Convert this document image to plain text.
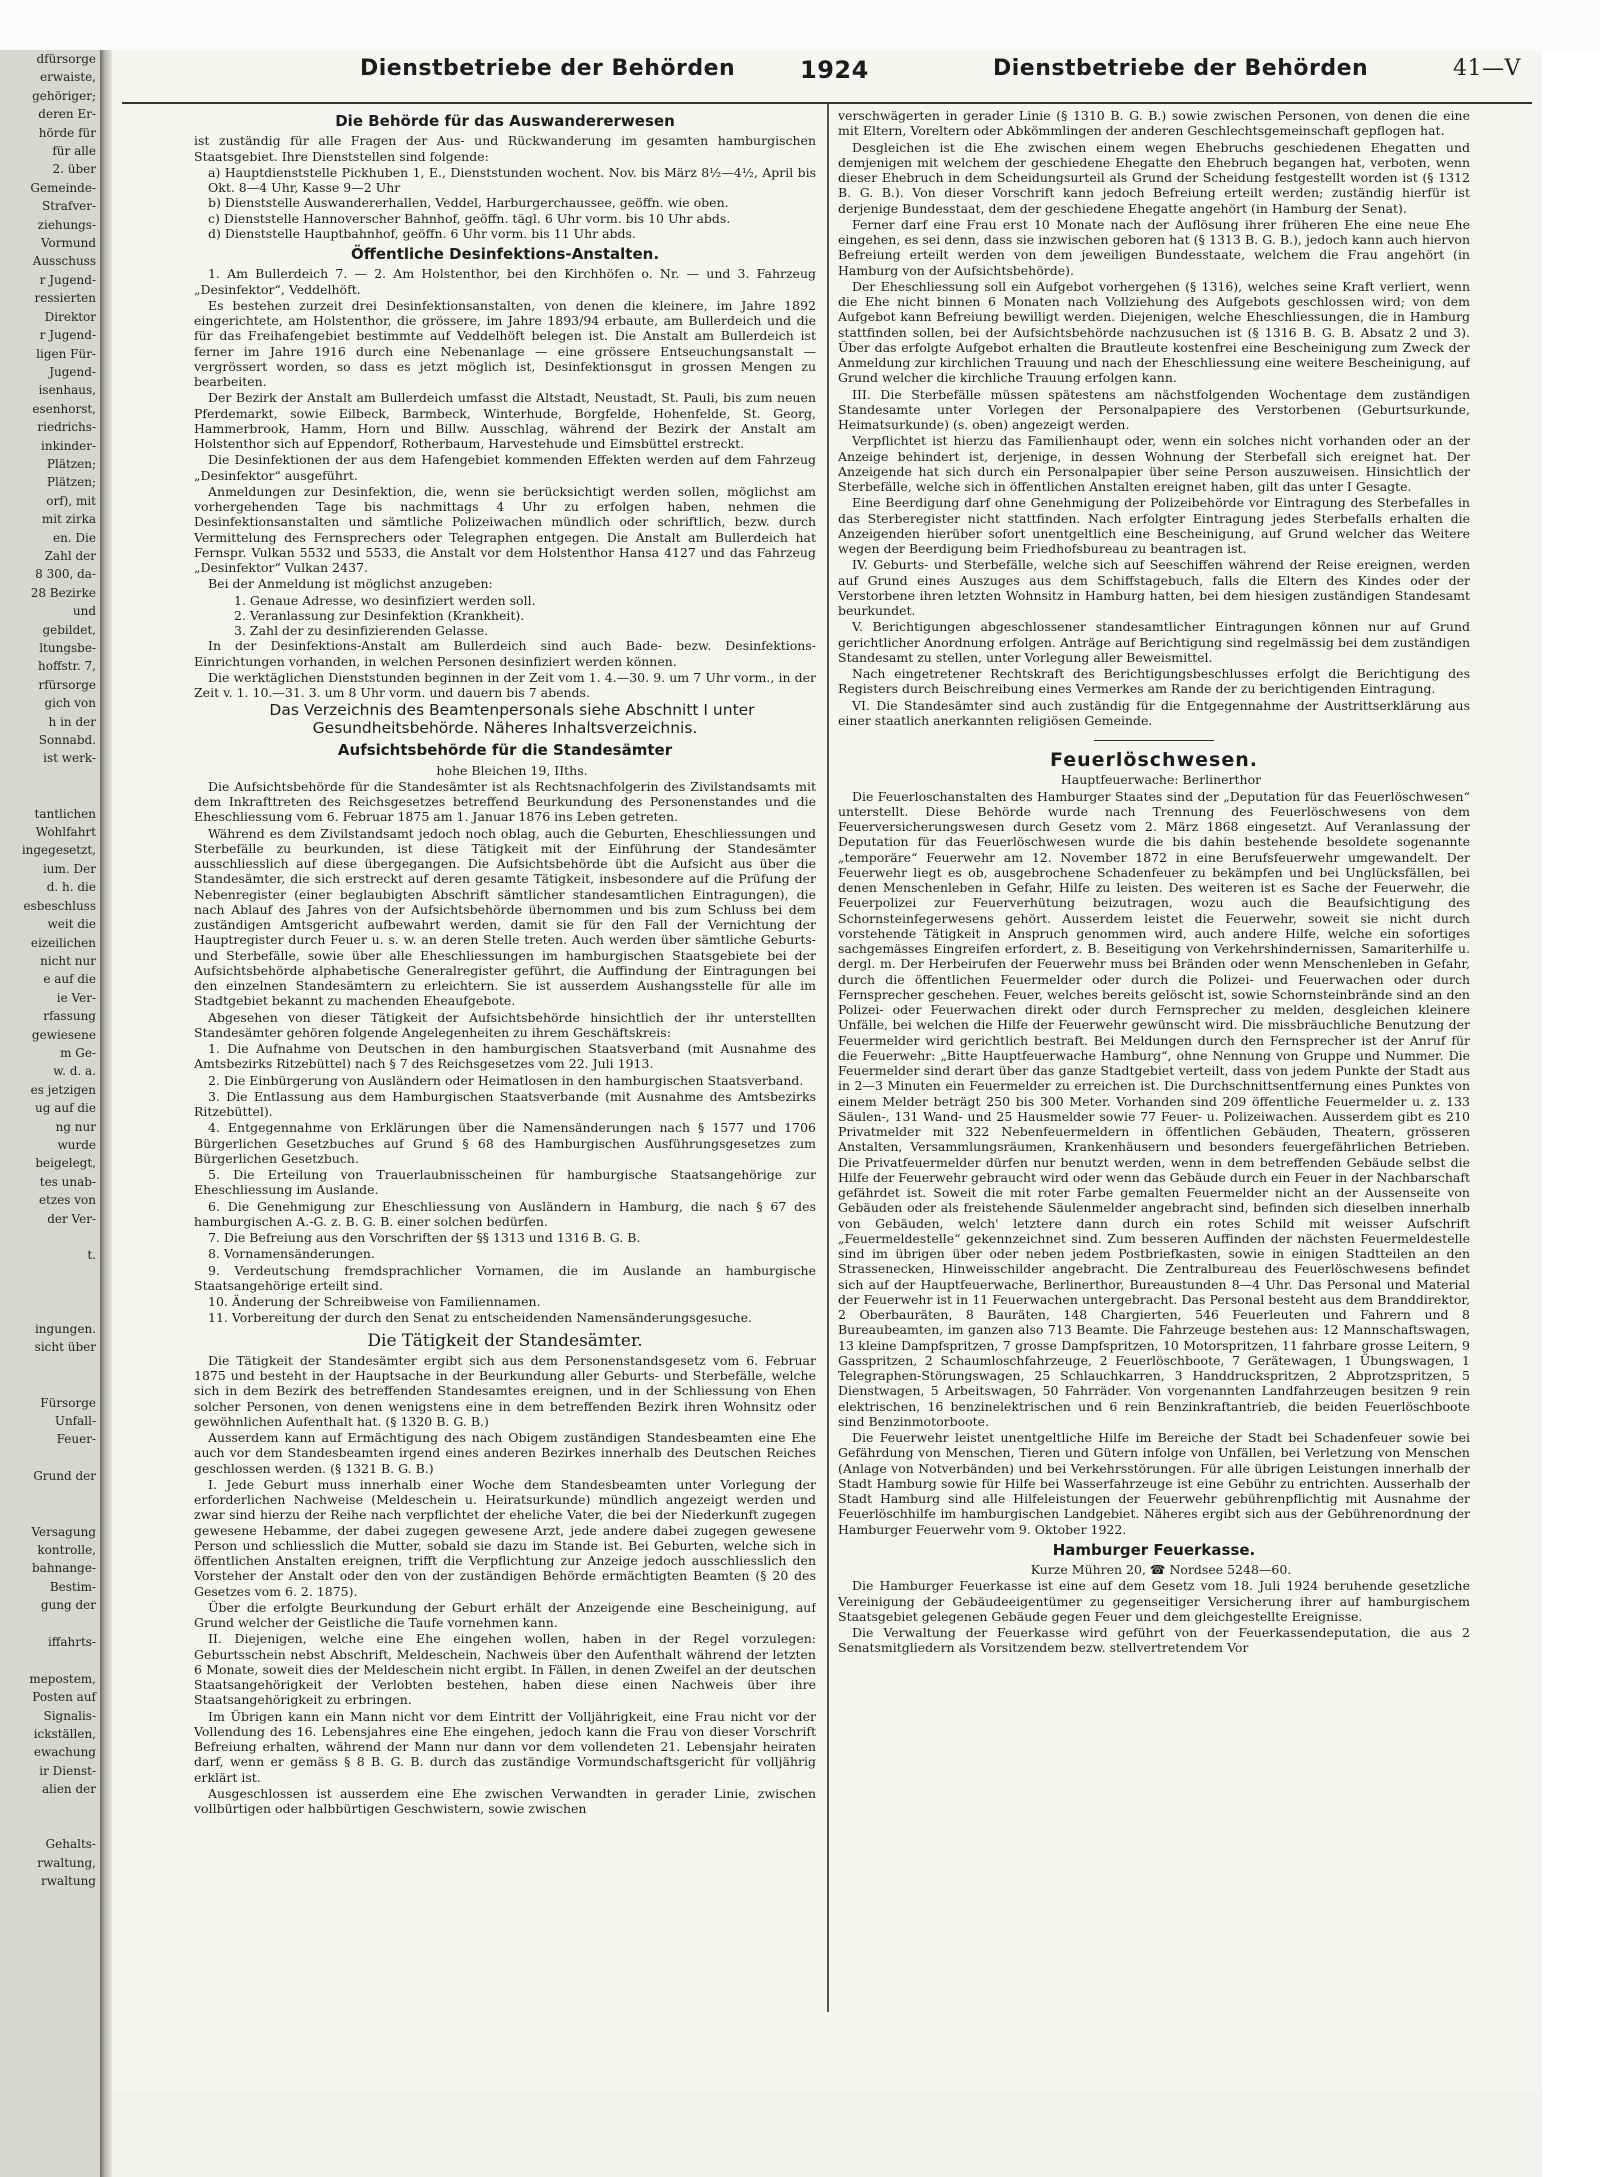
dfürsorge
erwaiste,
gehöriger;
deren Er-
hörde für
für alle
2. über
Gemeinde-
Strafver-
ziehungs-
Vormund
Ausschuss
r Jugend-
ressierten
Direktor
r Jugend-
ligen Für-
Jugend-
isenhaus,
esenhorst,
riedrichs-
inkinder-
Plätzen;
Plätzen;
orf), mit
mit zirka
en. Die
Zahl der
8 300, da-
28 Bezirke
und
gebildet,
ltungsbe-
hoffstr. 7,
rfürsorge
gich von
h in der
Sonnabd.
ist werk-

tantlichen
Wohlfahrt
ingegesetzt,
ium. Der
d. h. die
esbeschluss
weit die
eizeilichen
nicht nur
e auf die
ie Ver-
rfassung
gewiesene
m Ge-
w. d. a.
es jetzigen
ug auf die
ng nur
wurde
beigelegt,
tes unab-
etzes von
der Ver-

t.

ingungen.
sicht über

Fürsorge
Unfall-
Feuer-

Grund der

Versagung
kontrolle,
bahnange-
Bestim-
gung der

iffahrts-

mepostem,
Posten auf
Signalis-
ickställen,
ewachung
ir Dienst-
alien der

Gehalts-
rwaltung,
rwaltung
Dienstbetriebe der Behörden	1924	Dienstbetriebe der Behörden	41—V
Die Behörde für das Auswandererwesen

ist zuständig für alle Fragen der Aus- und Rückwanderung im gesamten hamburgischen Staatsgebiet. Ihre Dienststellen sind folgende:

a) Hauptdienststelle Pickhuben 1, E., Dienststunden wochent. Nov. bis März 8½—4½, April bis Okt. 8—4 Uhr, Kasse 9—2 Uhr

b) Dienststelle Auswandererhallen, Veddel, Harburgerchaussee, geöffn. wie oben.

c) Dienststelle Hannoverscher Bahnhof, geöffn. tägl. 6 Uhr vorm. bis 10 Uhr abds.

d) Dienststelle Hauptbahnhof, geöffn. 6 Uhr vorm. bis 11 Uhr abds.

Öffentliche Desinfektions-Anstalten.

1. Am Bullerdeich 7. — 2. Am Holstenthor, bei den Kirchhöfen o. Nr. — und 3. Fahrzeug „Desinfektor“, Veddelhöft.

Es bestehen zurzeit drei Desinfektionsanstalten, von denen die kleinere, im Jahre 1892 eingerichtete, am Holstenthor, die grössere, im Jahre 1893/94 erbaute, am Bullerdeich und die für das Freihafengebiet bestimmte auf Veddelhöft belegen ist. Die Anstalt am Bullerdeich ist ferner im Jahre 1916 durch eine Nebenanlage — eine grössere Entseuchungsanstalt — vergrössert worden, so dass es jetzt möglich ist, Desinfektionsgut in grossen Mengen zu bearbeiten.

Der Bezirk der Anstalt am Bullerdeich umfasst die Altstadt, Neustadt, St. Pauli, bis zum neuen Pferdemarkt, sowie Eilbeck, Barmbeck, Winterhude, Borgfelde, Hohenfelde, St. Georg, Hammerbrook, Hamm, Horn und Billw. Ausschlag, während der Bezirk der Anstalt am Holstenthor sich auf Eppendorf, Rotherbaum, Harvestehude und Eimsbüttel erstreckt.

Die Desinfektionen der aus dem Hafengebiet kommenden Effekten werden auf dem Fahrzeug „Desinfektor“ ausgeführt.

Anmeldungen zur Desinfektion, die, wenn sie berücksichtigt werden sollen, möglichst am vorhergehenden Tage bis nachmittags 4 Uhr zu erfolgen haben, nehmen die Desinfektionsanstalten und sämtliche Polizeiwachen mündlich oder schriftlich, bezw. durch Vermittelung des Fernsprechers oder Telegraphen entgegen. Die Anstalt am Bullerdeich hat Fernspr. Vulkan 5532 und 5533, die Anstalt vor dem Holstenthor Hansa 4127 und das Fahrzeug „Desinfektor“ Vulkan 2437.

Bei der Anmeldung ist möglichst anzugeben:

1. Genaue Adresse, wo desinfiziert werden soll.

2. Veranlassung zur Desinfektion (Krankheit).

3. Zahl der zu desinfizierenden Gelasse.

In der Desinfektions-Anstalt am Bullerdeich sind auch Bade- bezw. Desinfektions-Einrichtungen vorhanden, in welchen Personen desinfiziert werden können.

Die werktäglichen Dienststunden beginnen in der Zeit vom 1. 4.—30. 9. um 7 Uhr vorm., in der Zeit v. 1. 10.—31. 3. um 8 Uhr vorm. und dauern bis 7 abends.

Das Verzeichnis des Beamtenpersonals siehe Abschnitt I unter Gesundheitsbehörde. Näheres Inhaltsverzeichnis.

Aufsichtsbehörde für die Standesämter

hohe Bleichen 19, IIths.

Die Aufsichtsbehörde für die Standesämter ist als Rechtsnachfolgerin des Zivilstandsamts mit dem Inkrafttreten des Reichsgesetzes betreffend Beurkundung des Personenstandes und die Eheschliessung vom 6. Februar 1875 am 1. Januar 1876 ins Leben getreten.

Während es dem Zivilstandsamt jedoch noch oblag, auch die Geburten, Eheschliessungen und Sterbefälle zu beurkunden, ist diese Tätigkeit mit der Einführung der Standesämter ausschliesslich auf diese übergegangen. Die Aufsichtsbehörde übt die Aufsicht aus über die Standesämter, die sich erstreckt auf deren gesamte Tätigkeit, insbesondere auf die Prüfung der Nebenregister (einer beglaubigten Abschrift sämtlicher standesamtlichen Eintragungen), die nach Ablauf des Jahres von der Aufsichtsbehörde übernommen und bis zum Schluss bei dem zuständigen Amtsgericht aufbewahrt werden, damit sie für den Fall der Vernichtung der Hauptregister durch Feuer u. s. w. an deren Stelle treten. Auch werden über sämtliche Geburts- und Sterbefälle, sowie über alle Eheschliessungen im hamburgischen Staatsgebiete bei der Aufsichtsbehörde alphabetische Generalregister geführt, die Auffindung der Eintragungen bei den einzelnen Standesämtern zu erleichtern. Sie ist ausserdem Aushangsstelle für alle im Stadtgebiet bekannt zu machenden Eheaufgebote.

Abgesehen von dieser Tätigkeit der Aufsichtsbehörde hinsichtlich der ihr unterstellten Standesämter gehören folgende Angelegenheiten zu ihrem Geschäftskreis:

1. Die Aufnahme von Deutschen in den hamburgischen Staatsverband (mit Ausnahme des Amtsbezirks Ritzebüttel) nach § 7 des Reichsgesetzes vom 22. Juli 1913.

2. Die Einbürgerung von Ausländern oder Heimatlosen in den hamburgischen Staatsverband.

3. Die Entlassung aus dem Hamburgischen Staatsverbande (mit Ausnahme des Amtsbezirks Ritzebüttel).

4. Entgegennahme von Erklärungen über die Namensänderungen nach § 1577 und 1706 Bürgerlichen Gesetzbuches auf Grund § 68 des Hamburgischen Ausführungsgesetzes zum Bürgerlichen Gesetzbuch.

5. Die Erteilung von Trauerlaubnisscheinen für hamburgische Staatsangehörige zur Eheschliessung im Auslande.

6. Die Genehmigung zur Eheschliessung von Ausländern in Hamburg, die nach § 67 des hamburgischen A.-G. z. B. G. B. einer solchen bedürfen.

7. Die Befreiung aus den Vorschriften der §§ 1313 und 1316 B. G. B.

8. Vornamensänderungen.

9. Verdeutschung fremdsprachlicher Vornamen, die im Auslande an hamburgische Staatsangehörige erteilt sind.

10. Änderung der Schreibweise von Familiennamen.

11. Vorbereitung der durch den Senat zu entscheidenden Namensänderungsgesuche.

Die Tätigkeit der Standesämter.

Die Tätigkeit der Standesämter ergibt sich aus dem Personenstandsgesetz vom 6. Februar 1875 und besteht in der Hauptsache in der Beurkundung aller Geburts- und Sterbefälle, welche sich in dem Bezirk des betreffenden Standesamtes ereignen, und in der Schliessung von Ehen solcher Personen, von denen wenigstens eine in dem betreffenden Bezirk ihren Wohnsitz oder gewöhnlichen Aufenthalt hat. (§ 1320 B. G. B.)

Ausserdem kann auf Ermächtigung des nach Obigem zuständigen Standesbeamten eine Ehe auch vor dem Standesbeamten irgend eines anderen Bezirkes innerhalb des Deutschen Reiches geschlossen werden. (§ 1321 B. G. B.)

I. Jede Geburt muss innerhalb einer Woche dem Standesbeamten unter Vorlegung der erforderlichen Nachweise (Meldeschein u. Heiratsurkunde) mündlich angezeigt werden und zwar sind hierzu der Reihe nach verpflichtet der eheliche Vater, die bei der Niederkunft zugegen gewesene Hebamme, der dabei zugegen gewesene Arzt, jede andere dabei zugegen gewesene Person und schliesslich die Mutter, sobald sie dazu im Stande ist. Bei Geburten, welche sich in öffentlichen Anstalten ereignen, trifft die Verpflichtung zur Anzeige jedoch ausschliesslich den Vorsteher der Anstalt oder den von der zuständigen Behörde ermächtigten Beamten (§ 20 des Gesetzes vom 6. 2. 1875).

Über die erfolgte Beurkundung der Geburt erhält der Anzeigende eine Bescheinigung, auf Grund welcher der Geistliche die Taufe vornehmen kann.

II. Diejenigen, welche eine Ehe eingehen wollen, haben in der Regel vorzulegen: Geburtsschein nebst Abschrift, Meldeschein, Nachweis über den Aufenthalt während der letzten 6 Monate, soweit dies der Meldeschein nicht ergibt. In Fällen, in denen Zweifel an der deutschen Staatsangehörigkeit der Verlobten bestehen, haben diese einen Nachweis über ihre Staatsangehörigkeit zu erbringen.

Im Übrigen kann ein Mann nicht vor dem Eintritt der Volljährigkeit, eine Frau nicht vor der Vollendung des 16. Lebensjahres eine Ehe eingehen, jedoch kann die Frau von dieser Vorschrift Befreiung erhalten, während der Mann nur dann vor dem vollendeten 21. Lebensjahr heiraten darf, wenn er gemäss § 8 B. G. B. durch das zuständige Vormundschaftsgericht für volljährig erklärt ist.

Ausgeschlossen ist ausserdem eine Ehe zwischen Verwandten in gerader Linie, zwischen vollbürtigen oder halbbürtigen Geschwistern, sowie zwischen

verschwägerten in gerader Linie (§ 1310 B. G. B.) sowie zwischen Personen, von denen die eine mit Eltern, Voreltern oder Abkömmlingen der anderen Geschlechtsgemeinschaft gepflogen hat.

Desgleichen ist die Ehe zwischen einem wegen Ehebruchs geschiedenen Ehegatten und demjenigen mit welchem der geschiedene Ehegatte den Ehebruch begangen hat, verboten, wenn dieser Ehebruch in dem Scheidungsurteil als Grund der Scheidung festgestellt worden ist (§ 1312 B. G. B.). Von dieser Vorschrift kann jedoch Befreiung erteilt werden; zuständig hierfür ist derjenige Bundesstaat, dem der geschiedene Ehegatte angehört (in Hamburg der Senat).

Ferner darf eine Frau erst 10 Monate nach der Auflösung ihrer früheren Ehe eine neue Ehe eingehen, es sei denn, dass sie inzwischen geboren hat (§ 1313 B. G. B.), jedoch kann auch hiervon Befreiung erteilt werden von dem jeweiligen Bundesstaate, welchem die Frau angehört (in Hamburg von der Aufsichtsbehörde).

Der Eheschliessung soll ein Aufgebot vorhergehen (§ 1316), welches seine Kraft verliert, wenn die Ehe nicht binnen 6 Monaten nach Vollziehung des Aufgebots geschlossen wird; von dem Aufgebot kann Befreiung bewilligt werden. Diejenigen, welche Eheschliessungen, die in Hamburg stattfinden sollen, bei der Aufsichtsbehörde nachzusuchen ist (§ 1316 B. G. B. Absatz 2 und 3). Über das erfolgte Aufgebot erhalten die Brautleute kostenfrei eine Bescheinigung zum Zweck der Anmeldung zur kirchlichen Trauung und nach der Eheschliessung eine weitere Bescheinigung, auf Grund welcher die kirchliche Trauung erfolgen kann.

III. Die Sterbefälle müssen spätestens am nächstfolgenden Wochentage dem zuständigen Standesamte unter Vorlegen der Personalpapiere des Verstorbenen (Geburtsurkunde, Heimatsurkunde) (s. oben) angezeigt werden.

Verpflichtet ist hierzu das Familienhaupt oder, wenn ein solches nicht vorhanden oder an der Anzeige behindert ist, derjenige, in dessen Wohnung der Sterbefall sich ereignet hat. Der Anzeigende hat sich durch ein Personalpapier über seine Person auszuweisen. Hinsichtlich der Sterbefälle, welche sich in öffentlichen Anstalten ereignet haben, gilt das unter I Gesagte.

Eine Beerdigung darf ohne Genehmigung der Polizeibehörde vor Eintragung des Sterbefalles in das Sterberegister nicht stattfinden. Nach erfolgter Eintragung jedes Sterbefalls erhalten die Anzeigenden hierüber sofort unentgeltlich eine Bescheinigung, auf Grund welcher das Weitere wegen der Beerdigung beim Friedhofsbureau zu beantragen ist.

IV. Geburts- und Sterbefälle, welche sich auf Seeschiffen während der Reise ereignen, werden auf Grund eines Auszuges aus dem Schiffstagebuch, falls die Eltern des Kindes oder der Verstorbene ihren letzten Wohnsitz in Hamburg hatten, bei dem hiesigen zuständigen Standesamt beurkundet.

V. Berichtigungen abgeschlossener standesamtlicher Eintragungen können nur auf Grund gerichtlicher Anordnung erfolgen. Anträge auf Berichtigung sind regelmässig bei dem zuständigen Standesamt zu stellen, unter Vorlegung aller Beweismittel.

Nach eingetretener Rechtskraft des Berichtigungsbeschlusses erfolgt die Berichtigung des Registers durch Beischreibung eines Vermerkes am Rande der zu berichtigenden Eintragung.

VI. Die Standesämter sind auch zuständig für die Entgegennahme der Austrittserklärung aus einer staatlich anerkannten religiösen Gemeinde.

Feuerlöschwesen.

Hauptfeuerwache: Berlinerthor

Die Feuerloschanstalten des Hamburger Staates sind der „Deputation für das Feuerlöschwesen“ unterstellt. Diese Behörde wurde nach Trennung des Feuerlöschwesens von dem Feuerversicherungswesen durch Gesetz vom 2. März 1868 eingesetzt. Auf Veranlassung der Deputation für das Feuerlöschwesen wurde die bis dahin bestehende besoldete sogenannte „temporäre“ Feuerwehr am 12. November 1872 in eine Berufsfeuerwehr umgewandelt. Der Feuerwehr liegt es ob, ausgebrochene Schadenfeuer zu bekämpfen und bei Unglücksfällen, bei denen Menschenleben in Gefahr, Hilfe zu leisten. Des weiteren ist es Sache der Feuerwehr, die Feuerpolizei zur Feuerverhütung beizutragen, wozu auch die Beaufsichtigung des Schornsteinfegerwesens gehört. Ausserdem leistet die Feuerwehr, soweit sie nicht durch vorstehende Tätigkeit in Anspruch genommen wird, auch andere Hilfe, welche ein sofortiges sachgemässes Eingreifen erfordert, z. B. Beseitigung von Verkehrshindernissen, Samariterhilfe u. dergl. m. Der Herbeirufen der Feuerwehr muss bei Bränden oder wenn Menschenleben in Gefahr, durch die öffentlichen Feuermelder oder durch die Polizei- und Feuerwachen oder durch Fernsprecher geschehen. Feuer, welches bereits gelöscht ist, sowie Schornsteinbrände sind an den Polizei- oder Feuerwachen direkt oder durch Fernsprecher zu melden, desgleichen kleinere Unfälle, bei welchen die Hilfe der Feuerwehr gewünscht wird. Die missbräuchliche Benutzung der Feuermelder wird gerichtlich bestraft. Bei Meldungen durch den Fernsprecher ist der Anruf für die Feuerwehr: „Bitte Hauptfeuerwache Hamburg“, ohne Nennung von Gruppe und Nummer. Die Feuermelder sind derart über das ganze Stadtgebiet verteilt, dass von jedem Punkte der Stadt aus in 2—3 Minuten ein Feuermelder zu erreichen ist. Die Durchschnittsentfernung eines Punktes von einem Melder beträgt 250 bis 300 Meter. Vorhanden sind 209 öffentliche Feuermelder u. z. 133 Säulen-, 131 Wand- und 25 Hausmelder sowie 77 Feuer- u. Polizeiwachen. Ausserdem gibt es 210 Privatmelder mit 322 Nebenfeuermeldern in öffentlichen Gebäuden, Theatern, grösseren Anstalten, Versammlungsräumen, Krankenhäusern und besonders feuergefährlichen Betrieben. Die Privatfeuermelder dürfen nur benutzt werden, wenn in dem betreffenden Gebäude selbst die Hilfe der Feuerwehr gebraucht wird oder wenn das Gebäude durch ein Feuer in der Nachbarschaft gefährdet ist. Soweit die mit roter Farbe gemalten Feuermelder nicht an der Aussenseite von Gebäuden oder als freistehende Säulenmelder angebracht sind, befinden sich dieselben innerhalb von Gebäuden, welch' letztere dann durch ein rotes Schild mit weisser Aufschrift „Feuermeldestelle“ gekennzeichnet sind. Zum besseren Auffinden der nächsten Feuermeldestelle sind im übrigen über oder neben jedem Postbriefkasten, sowie in einigen Stadtteilen an den Strassenecken, Hinweisschilder angebracht. Die Zentralbureau des Feuerlöschwesens befindet sich auf der Hauptfeuerwache, Berlinerthor, Bureaustunden 8—4 Uhr. Das Personal und Material der Feuerwehr ist in 11 Feuerwachen untergebracht. Das Personal besteht aus dem Branddirektor, 2 Oberbauräten, 8 Bauräten, 148 Chargierten, 546 Feuerleuten und Fahrern und 8 Bureaubeamten, im ganzen also 713 Beamte. Die Fahrzeuge bestehen aus: 12 Mannschaftswagen, 13 kleine Dampfspritzen, 7 grosse Dampfspritzen, 10 Motorspritzen, 11 fahrbare grosse Leitern, 9 Gasspritzen, 2 Schaumloschfahrzeuge, 2 Feuerlöschboote, 7 Gerätewagen, 1 Übungswagen, 1 Telegraphen-Störungswagen, 25 Schlauchkarren, 3 Handdruckspritzen, 2 Abprotzspritzen, 5 Dienstwagen, 5 Arbeitswagen, 50 Fahrräder. Von vorgenannten Landfahrzeugen besitzen 9 rein elektrischen, 16 benzinelektrischen und 6 rein Benzinkraftantrieb, die beiden Feuerlöschboote sind Benzinmotorboote.

Die Feuerwehr leistet unentgeltliche Hilfe im Bereiche der Stadt bei Schadenfeuer sowie bei Gefährdung von Menschen, Tieren und Gütern infolge von Unfällen, bei Verletzung von Menschen (Anlage von Notverbänden) und bei Verkehrsstörungen. Für alle übrigen Leistungen innerhalb der Stadt Hamburg sowie für Hilfe bei Wasserfahrzeuge ist eine Gebühr zu entrichten. Ausserhalb der Stadt Hamburg sind alle Hilfeleistungen der Feuerwehr gebührenpflichtig mit Ausnahme der Feuerlöschhilfe im hamburgischen Landgebiet. Näheres ergibt sich aus der Gebührenordnung der Hamburger Feuerwehr vom 9. Oktober 1922.

Hamburger Feuerkasse.

Kurze Mühren 20, ☎ Nordsee 5248—60.

Die Hamburger Feuerkasse ist eine auf dem Gesetz vom 18. Juli 1924 beruhende gesetzliche Vereinigung der Gebäudeeigentümer zu gegenseitiger Versicherung ihrer auf hamburgischem Staatsgebiet gelegenen Gebäude gegen Feuer und dem gleichgestellte Ereignisse.

Die Verwaltung der Feuerkasse wird geführt von der Feuerkassendeputation, die aus 2 Senatsmitgliedern als Vorsitzendem bezw. stellvertretendem Vor
